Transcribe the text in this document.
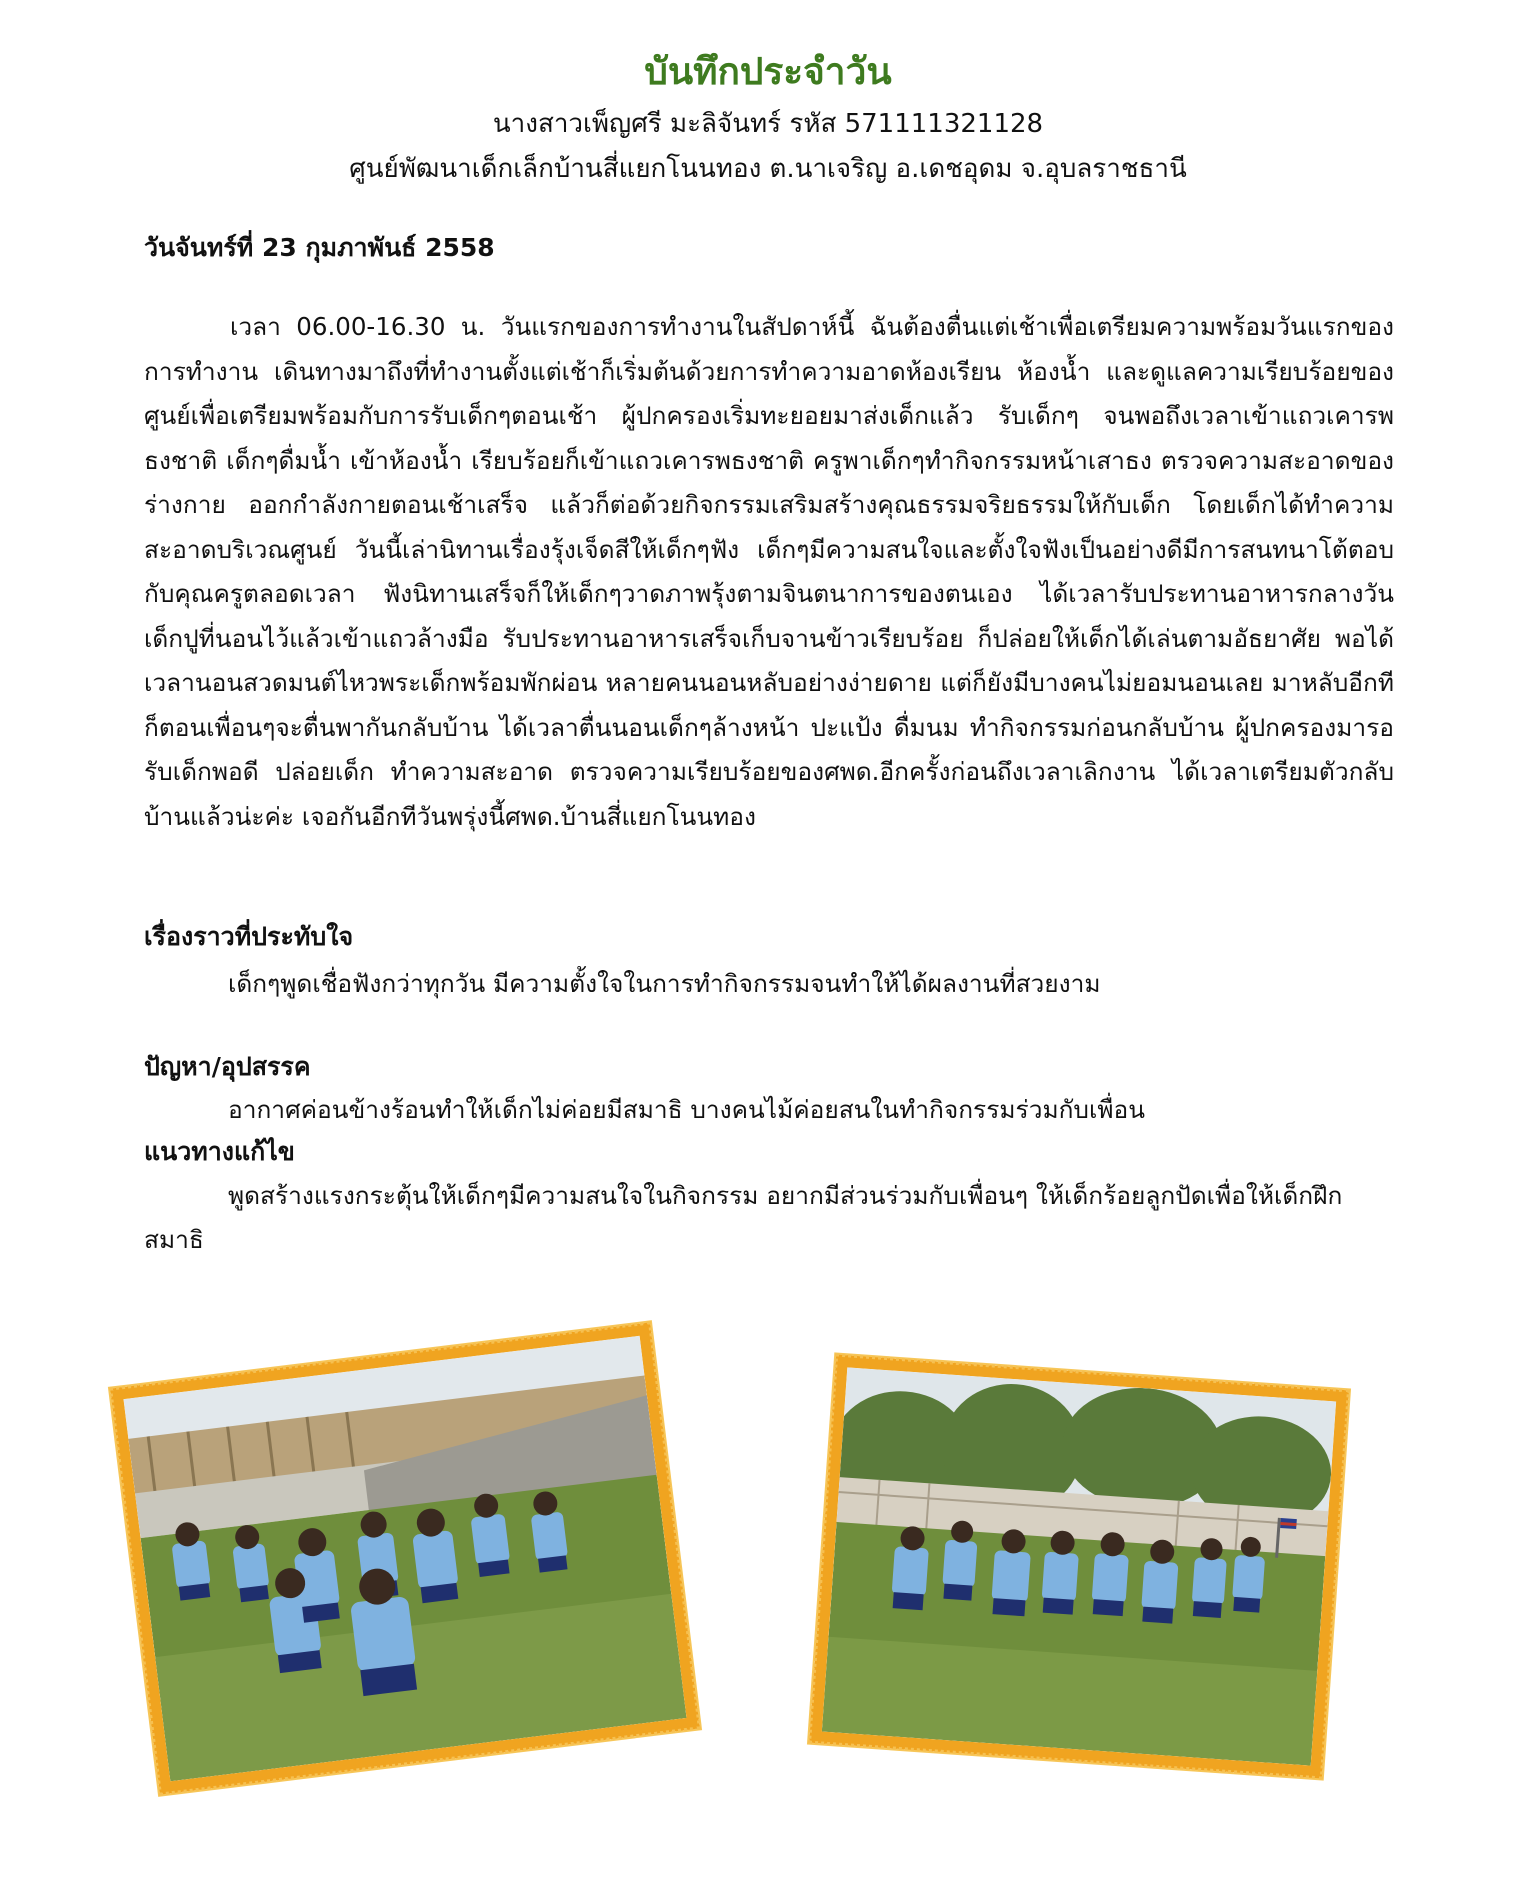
บันทึกประจำวัน
นางสาวเพ็ญศรี มะลิจันทร์ รหัส 571111321128
ศูนย์พัฒนาเด็กเล็กบ้านสี่แยกโนนทอง ต.นาเจริญ อ.เดชอุดม จ.อุบลราชธานี
วันจันทร์ที่ 23 กุมภาพันธ์ 2558
เวลา 06.00-16.30 น. วันแรกของการทำงานในสัปดาห์นี้ ฉันต้องตื่นแต่เช้าเพื่อเตรียมความพร้อมวันแรกของการทำงาน เดินทางมาถึงที่ทำงานตั้งแต่เช้าก็เริ่มต้นด้วยการทำความอาดห้องเรียน ห้องน้ำ และดูแลความเรียบร้อยของศูนย์เพื่อเตรียมพร้อมกับการรับเด็กๆตอนเช้า ผู้ปกครองเริ่มทะยอยมาส่งเด็กแล้ว รับเด็กๆ จนพอถึงเวลาเข้าแถวเคารพธงชาติ เด็กๆดื่มน้ำ เข้าห้องน้ำ เรียบร้อยก็เข้าแถวเคารพธงชาติ ครูพาเด็กๆทำกิจกรรมหน้าเสาธง ตรวจความสะอาดของร่างกาย ออกกำลังกายตอนเช้าเสร็จ แล้วก็ต่อด้วยกิจกรรมเสริมสร้างคุณธรรมจริยธรรมให้กับเด็ก โดยเด็กได้ทำความสะอาดบริเวณศูนย์ วันนี้เล่านิทานเรื่องรุ้งเจ็ดสีให้เด็กๆฟัง เด็กๆมีความสนใจและตั้งใจฟังเป็นอย่างดีมีการสนทนาโต้ตอบกับคุณครูตลอดเวลา ฟังนิทานเสร็จก็ให้เด็กๆวาดภาพรุ้งตามจินตนาการของตนเอง ได้เวลารับประทานอาหารกลางวัน เด็กปูที่นอนไว้แล้วเข้าแถวล้างมือ รับประทานอาหารเสร็จเก็บจานข้าวเรียบร้อย ก็ปล่อยให้เด็กได้เล่นตามอัธยาศัย พอได้เวลานอนสวดมนต์ไหวพระเด็กพร้อมพักผ่อน หลายคนนอนหลับอย่างง่ายดาย แต่ก็ยังมีบางคนไม่ยอมนอนเลย มาหลับอีกทีก็ตอนเพื่อนๆจะตื่นพากันกลับบ้าน ได้เวลาตื่นนอนเด็กๆล้างหน้า ปะแป้ง ดื่มนม ทำกิจกรรมก่อนกลับบ้าน ผู้ปกครองมารอรับเด็กพอดี ปล่อยเด็ก ทำความสะอาด ตรวจความเรียบร้อยของศพด.อีกครั้งก่อนถึงเวลาเลิกงาน ได้เวลาเตรียมตัวกลับบ้านแล้วน่ะค่ะ เจอกันอีกทีวันพรุ่งนี้ศพด.บ้านสี่แยกโนนทอง
เรื่องราวที่ประทับใจ
เด็กๆพูดเชื่อฟังกว่าทุกวัน มีความตั้งใจในการทำกิจกรรมจนทำให้ได้ผลงานที่สวยงาม
ปัญหา/อุปสรรค
อากาศค่อนข้างร้อนทำให้เด็กไม่ค่อยมีสมาธิ บางคนไม้ค่อยสนในทำกิจกรรมร่วมกับเพื่อน
แนวทางแก้ไข
พูดสร้างแรงกระตุ้นให้เด็กๆมีความสนใจในกิจกรรม อยากมีส่วนร่วมกับเพื่อนๆ ให้เด็กร้อยลูกปัดเพื่อให้เด็กฝึกสมาธิ
